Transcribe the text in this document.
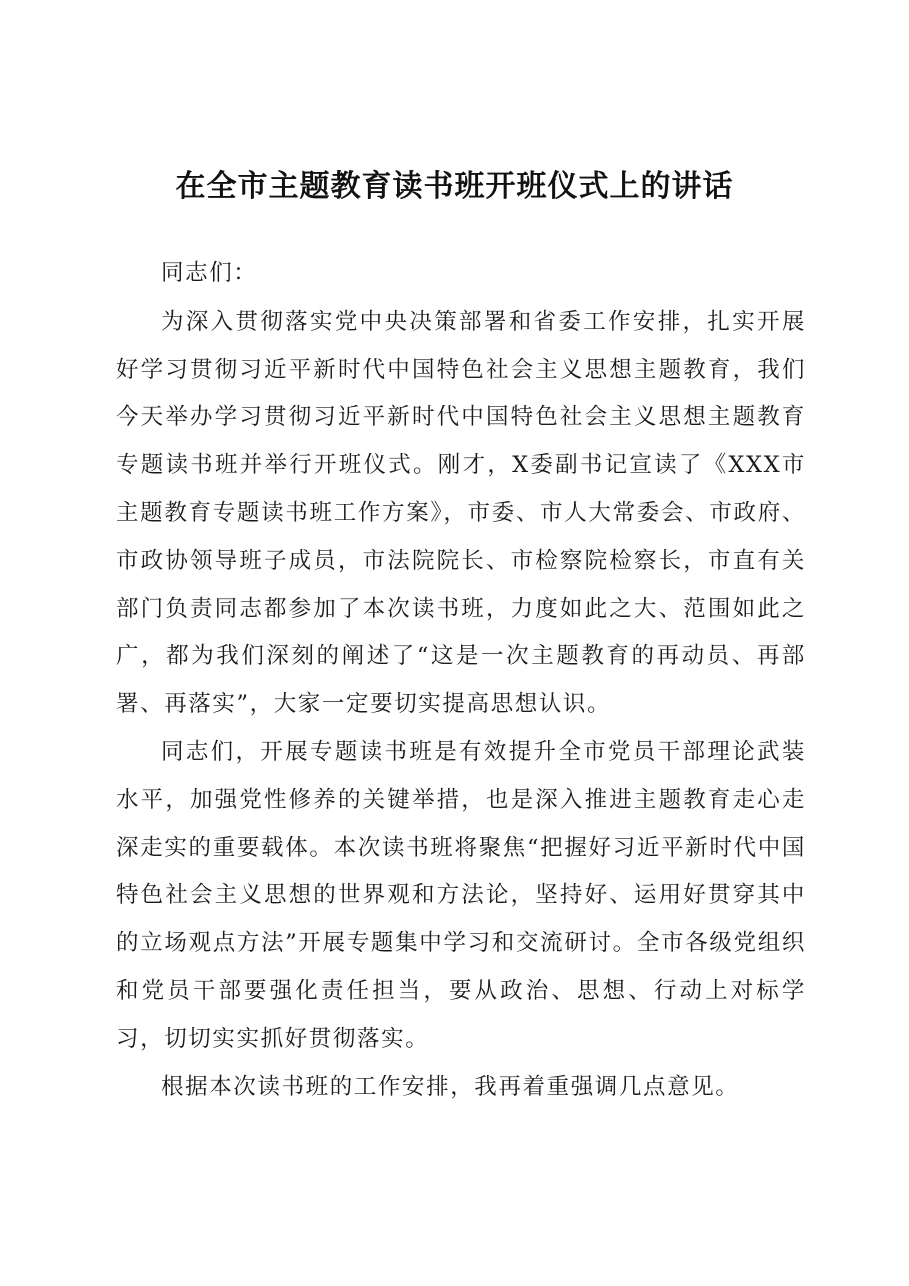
在全市主题教育读书班开班仪式上的讲话

同志们：

为深入贯彻落实党中央决策部署和省委工作安排，扎实开展好学习贯彻习近平新时代中国特色社会主义思想主题教育，我们今天举办学习贯彻习近平新时代中国特色社会主义思想主题教育专题读书班并举行开班仪式。刚才，X委副书记宣读了《XXX市主题教育专题读书班工作方案》，市委、市人大常委会、市政府、市政协领导班子成员，市法院院长、市检察院检察长，市直有关部门负责同志都参加了本次读书班，力度如此之大、范围如此之广，都为我们深刻的阐述了“这是一次主题教育的再动员、再部署、再落实”，大家一定要切实提高思想认识。

同志们，开展专题读书班是有效提升全市党员干部理论武装水平，加强党性修养的关键举措，也是深入推进主题教育走心走深走实的重要载体。本次读书班将聚焦“把握好习近平新时代中国特色社会主义思想的世界观和方法论，坚持好、运用好贯穿其中的立场观点方法”开展专题集中学习和交流研讨。全市各级党组织和党员干部要强化责任担当，要从政治、思想、行动上对标学习，切切实实抓好贯彻落实。

根据本次读书班的工作安排，我再着重强调几点意见。
